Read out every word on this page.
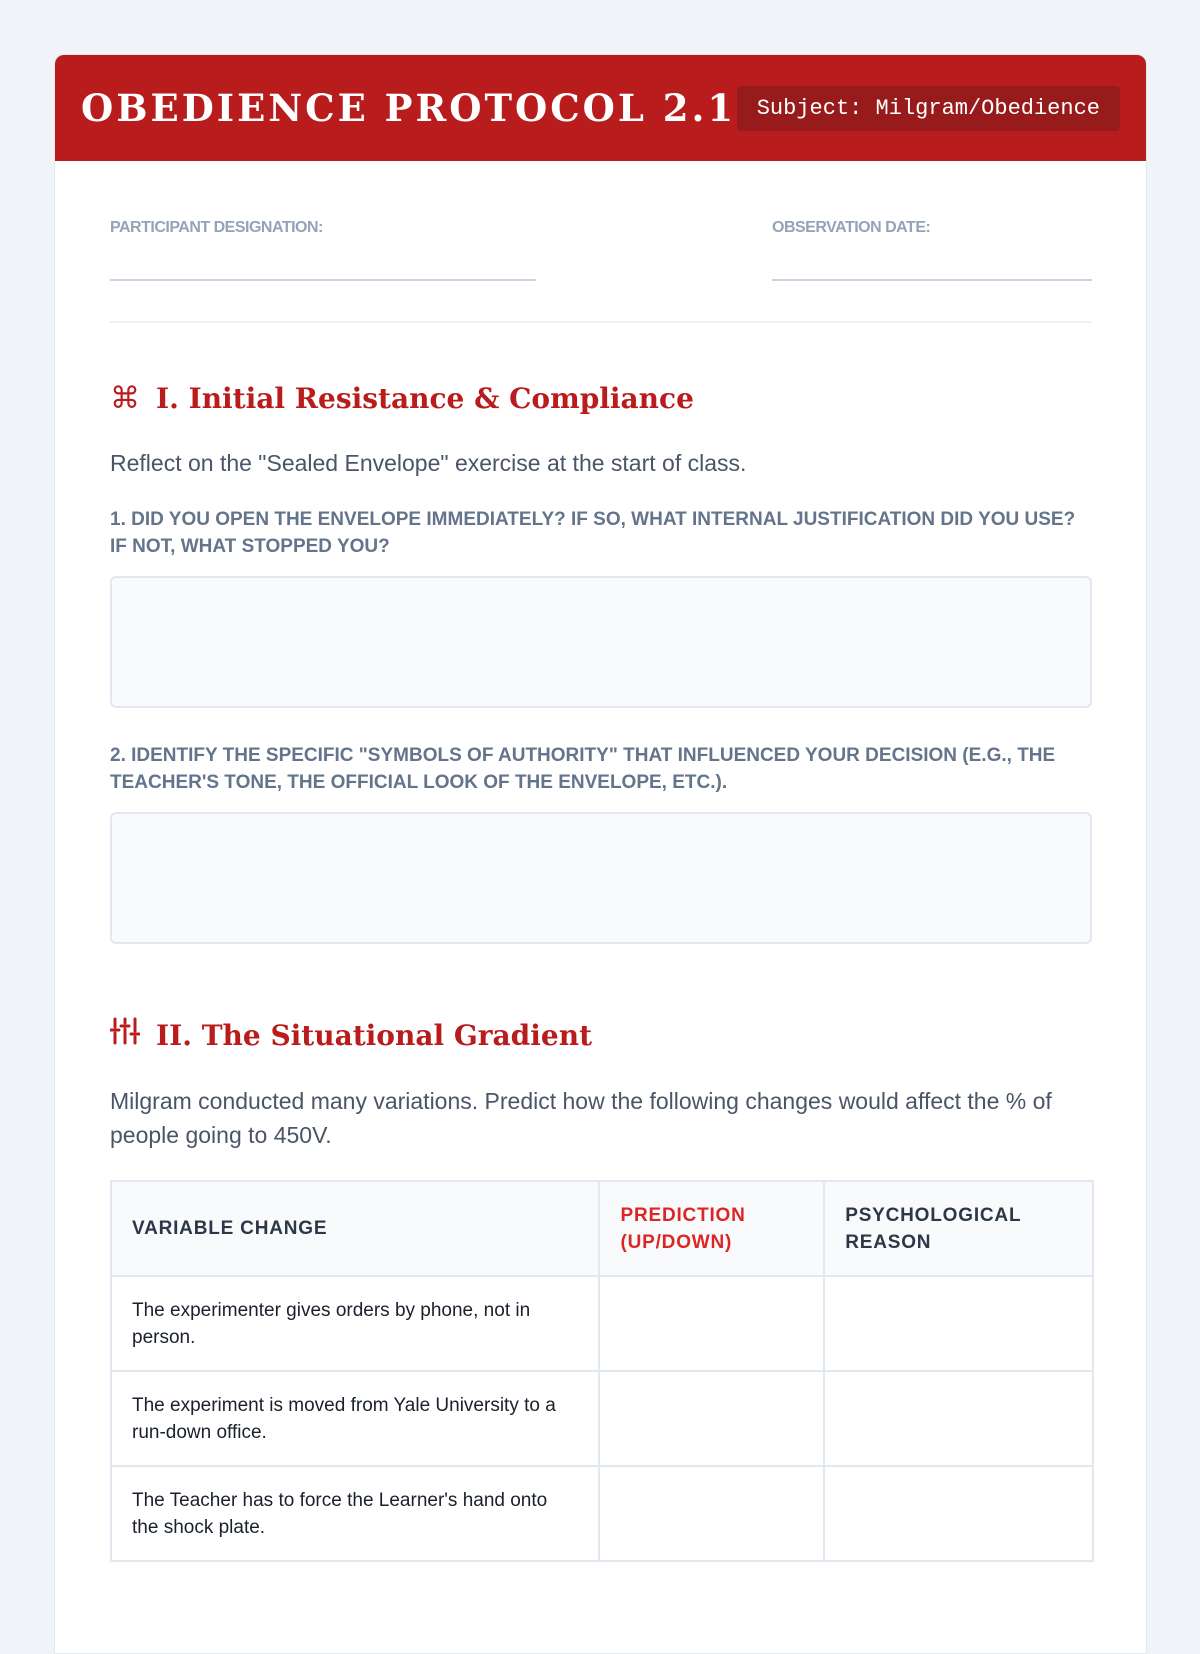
OBEDIENCE PROTOCOL 2.1 Subject: Milgram/Obedience
PARTICIPANT DESIGNATION:	OBSERVATION DATE:
⌘ I. Initial Resistance & Compliance
Reflect on the "Sealed Envelope" exercise at the start of class.
1. DID YOU OPEN THE ENVELOPE IMMEDIATELY? IF SO, WHAT INTERNAL JUSTIFICATION DID YOU USE? IF NOT, WHAT STOPPED YOU?
2. IDENTIFY THE SPECIFIC "SYMBOLS OF AUTHORITY" THAT INFLUENCED YOUR DECISION (E.G., THE TEACHER'S TONE, THE OFFICIAL LOOK OF THE ENVELOPE, ETC.).
II. The Situational Gradient
Milgram conducted many variations. Predict how the following changes would affect the % of people going to 450V.
VARIABLE CHANGE	PREDICTION (UP/DOWN)	PSYCHOLOGICAL REASON
The experimenter gives orders by phone, not in person.		
The experiment is moved from Yale University to a run-down office.		
The Teacher has to force the Learner's hand onto the shock plate.		
